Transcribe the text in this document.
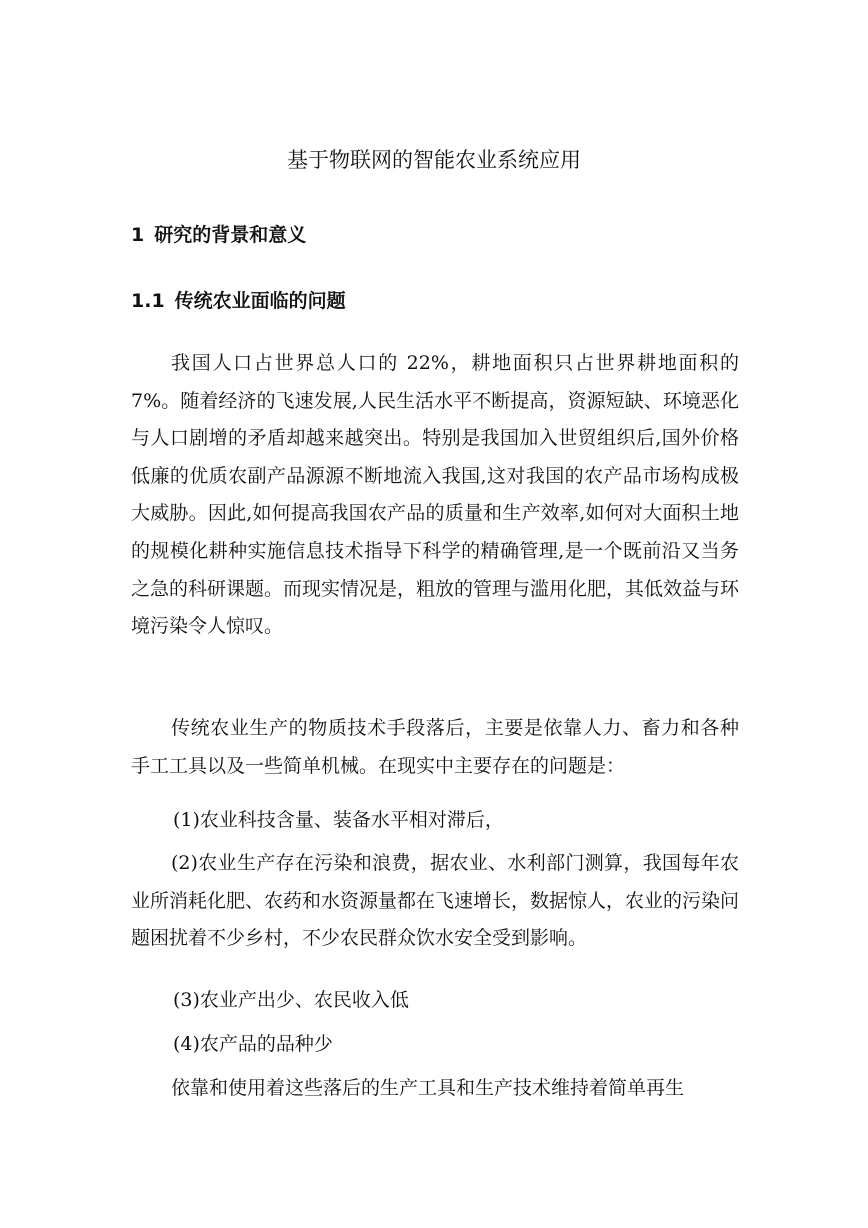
基于物联网的智能农业系统应用
1 研究的背景和意义
1.1 传统农业面临的问题

我国人口占世界总人口的 22%，耕地面积只占世界耕地面积的 7%。随着经济的飞速发展,人民生活水平不断提高，资源短缺、环境恶化与人口剧增的矛盾却越来越突出。特别是我国加入世贸组织后,国外价格低廉的优质农副产品源源不断地流入我国,这对我国的农产品市场构成极大威胁。因此,如何提高我国农产品的质量和生产效率,如何对大面积土地的规模化耕种实施信息技术指导下科学的精确管理,是一个既前沿又当务之急的科研课题。而现实情况是，粗放的管理与滥用化肥，其低效益与环境污染令人惊叹。

传统农业生产的物质技术手段落后，主要是依靠人力、畜力和各种手工工具以及一些简单机械。在现实中主要存在的问题是：

(1)农业科技含量、装备水平相对滞后，

(2)农业生产存在污染和浪费，据农业、水利部门测算，我国每年农业所消耗化肥、农药和水资源量都在飞速增长，数据惊人，农业的污染问题困扰着不少乡村，不少农民群众饮水安全受到影响。

(3)农业产出少、农民收入低

(4)农产品的品种少

依靠和使用着这些落后的生产工具和生产技术维持着简单再生
